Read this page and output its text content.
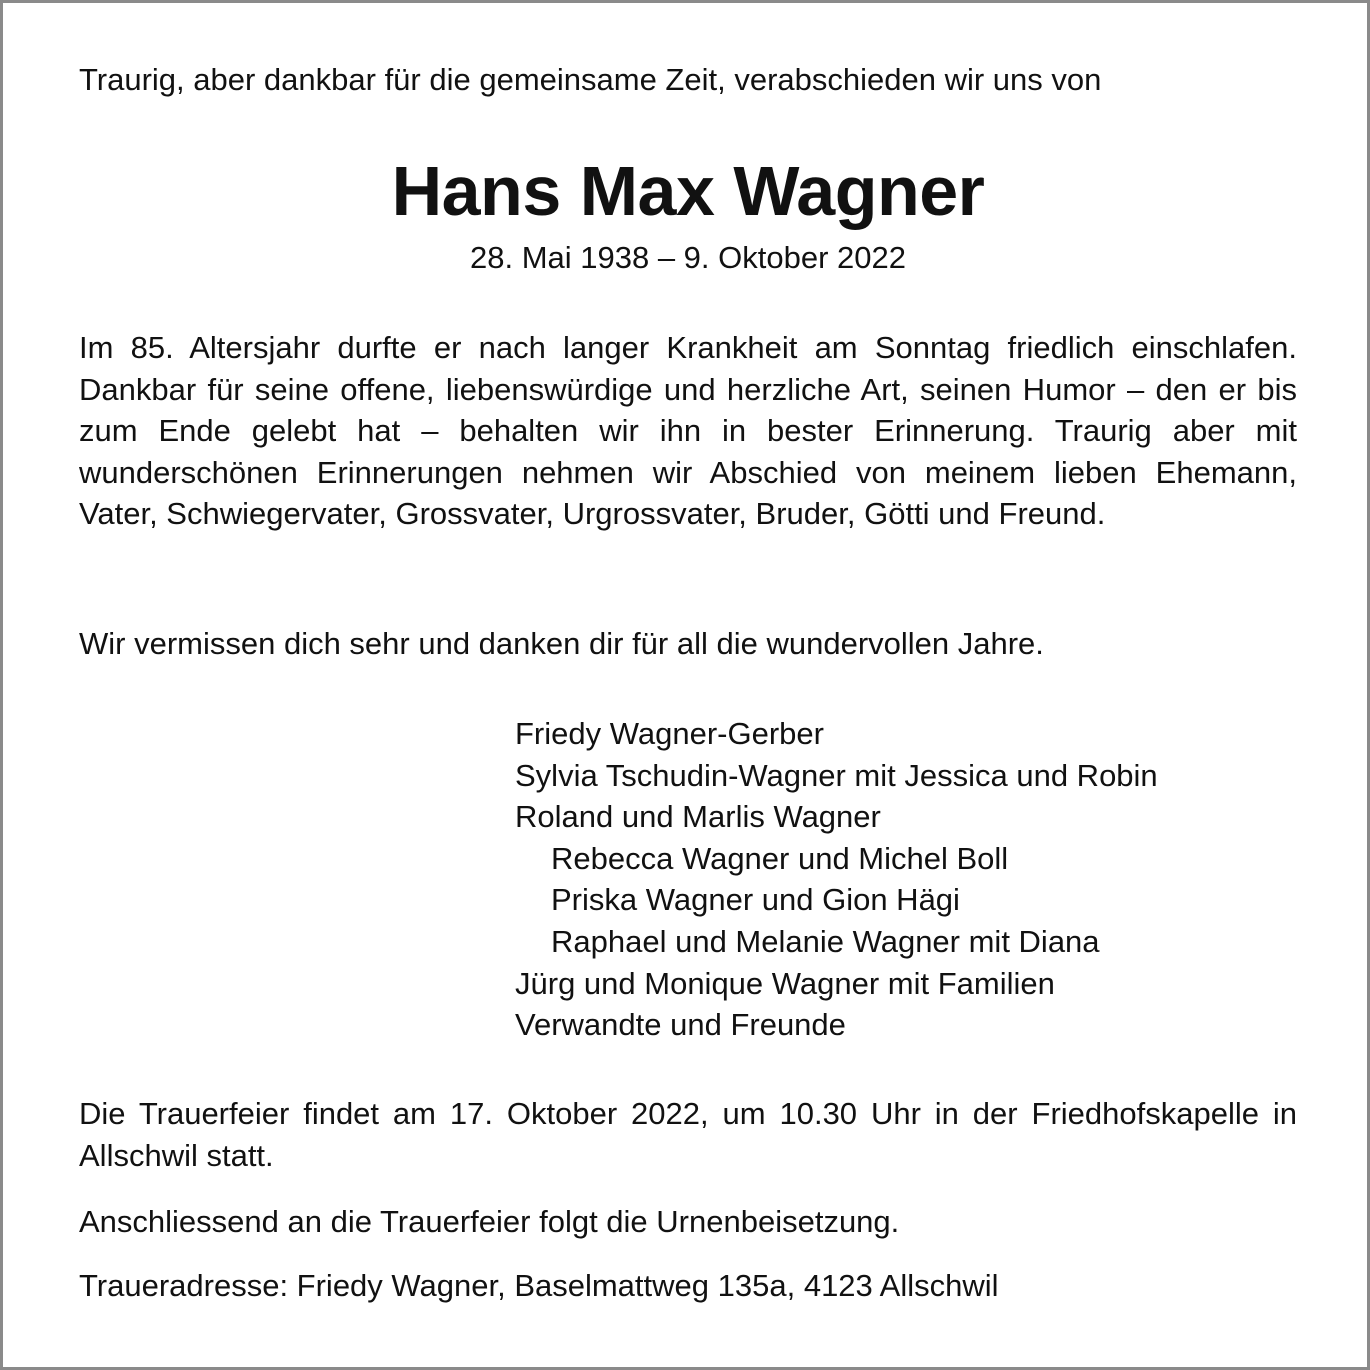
Traurig, aber dankbar für die gemeinsame Zeit, verabschieden wir uns von

Hans Max Wagner

28. Mai 1938 – 9. Oktober 2022

Im 85. Altersjahr durfte er nach langer Krankheit am Sonntag friedlich einschlafen. Dankbar für seine offene, liebenswürdige und herzliche Art, seinen Humor – den er bis zum Ende gelebt hat – behalten wir ihn in bester Erinnerung. Traurig aber mit wunderschönen Erinnerungen nehmen wir Abschied von meinem lieben Ehemann, Vater, Schwiegervater, Grossvater, Urgrossvater, Bruder, Götti und Freund.

Wir vermissen dich sehr und danken dir für all die wundervollen Jahre.

Friedy Wagner-Gerber
Sylvia Tschudin-Wagner mit Jessica und Robin
Roland und Marlis Wagner
Rebecca Wagner und Michel Boll
Priska Wagner und Gion Hägi
Raphael und Melanie Wagner mit Diana
Jürg und Monique Wagner mit Familien
Verwandte und Freunde

Die Trauerfeier findet am 17. Oktober 2022, um 10.30 Uhr in der Friedhofskapelle in Allschwil statt.

Anschliessend an die Trauerfeier folgt die Urnenbeisetzung.

Traueradresse: Friedy Wagner, Baselmattweg 135a, 4123 Allschwil
